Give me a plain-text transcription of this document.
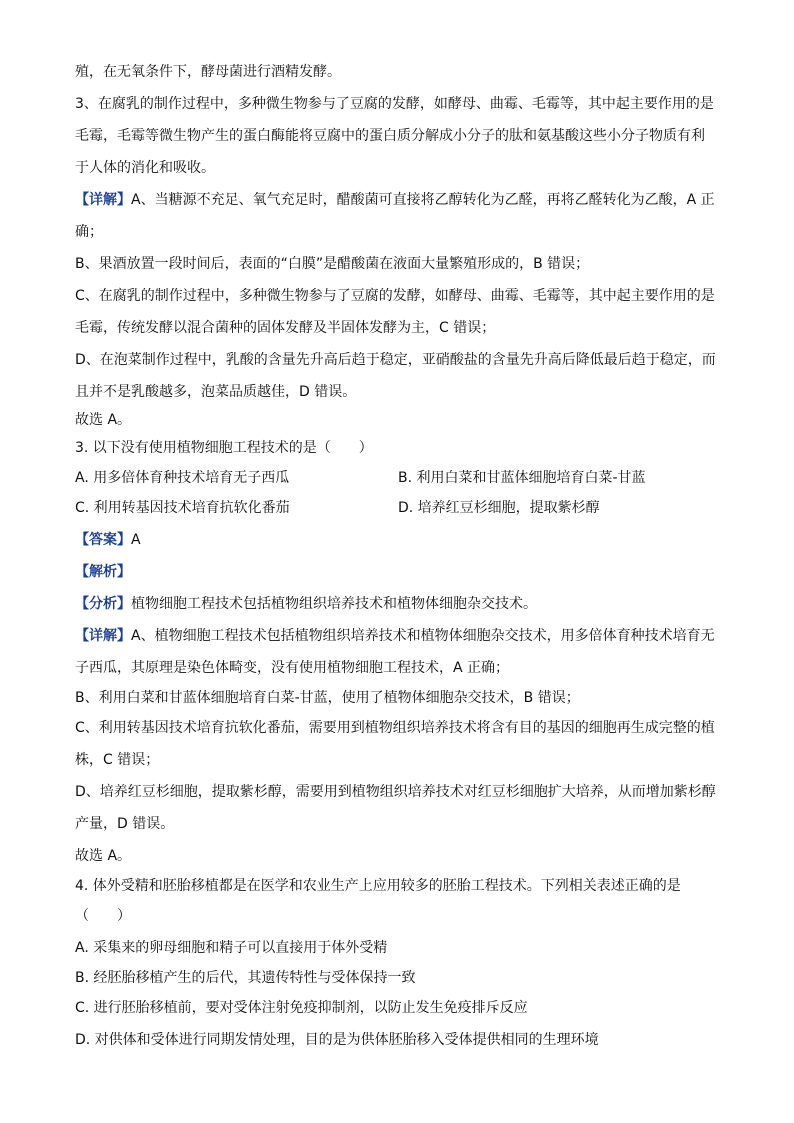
殖，在无氧条件下，酵母菌进行酒精发酵。
3、在腐乳的制作过程中，多种微生物参与了豆腐的发酵，如酵母、曲霉、毛霉等，其中起主要作用的是
毛霉，毛霉等微生物产生的蛋白酶能将豆腐中的蛋白质分解成小分子的肽和氨基酸这些小分子物质有利
于人体的消化和吸收。
【详解】A、当糖源不充足、氧气充足时，醋酸菌可直接将乙醇转化为乙醛，再将乙醛转化为乙酸，A 正
确；
B、果酒放置一段时间后，表面的“白膜”是醋酸菌在液面大量繁殖形成的，B 错误；
C、在腐乳的制作过程中，多种微生物参与了豆腐的发酵，如酵母、曲霉、毛霉等，其中起主要作用的是
毛霉，传统发酵以混合菌种的固体发酵及半固体发酵为主，C 错误；
D、在泡菜制作过程中，乳酸的含量先升高后趋于稳定，亚硝酸盐的含量先升高后降低最后趋于稳定，而
且并不是乳酸越多，泡菜品质越佳，D 错误。
故选 A。
3. 以下没有使用植物细胞工程技术的是（　　）
A. 用多倍体育种技术培育无子西瓜	B. 利用白菜和甘蓝体细胞培育白菜-甘蓝
C. 利用转基因技术培育抗软化番茄	D. 培养红豆杉细胞，提取紫杉醇
【答案】A
【解析】
【分析】植物细胞工程技术包括植物组织培养技术和植物体细胞杂交技术。
【详解】A、植物细胞工程技术包括植物组织培养技术和植物体细胞杂交技术，用多倍体育种技术培育无
子西瓜，其原理是染色体畸变，没有使用植物细胞工程技术，A 正确；
B、利用白菜和甘蓝体细胞培育白菜-甘蓝，使用了植物体细胞杂交技术，B 错误；
C、利用转基因技术培育抗软化番茄，需要用到植物组织培养技术将含有目的基因的细胞再生成完整的植
株，C 错误；
D、培养红豆杉细胞，提取紫杉醇，需要用到植物组织培养技术对红豆杉细胞扩大培养，从而增加紫杉醇
产量，D 错误。
故选 A。
4. 体外受精和胚胎移植都是在医学和农业生产上应用较多的胚胎工程技术。下列相关表述正确的是
（　　）
A. 采集来的卵母细胞和精子可以直接用于体外受精
B. 经胚胎移植产生的后代，其遗传特性与受体保持一致
C. 进行胚胎移植前，要对受体注射免疫抑制剂，以防止发生免疫排斥反应
D. 对供体和受体进行同期发情处理，目的是为供体胚胎移入受体提供相同的生理环境
